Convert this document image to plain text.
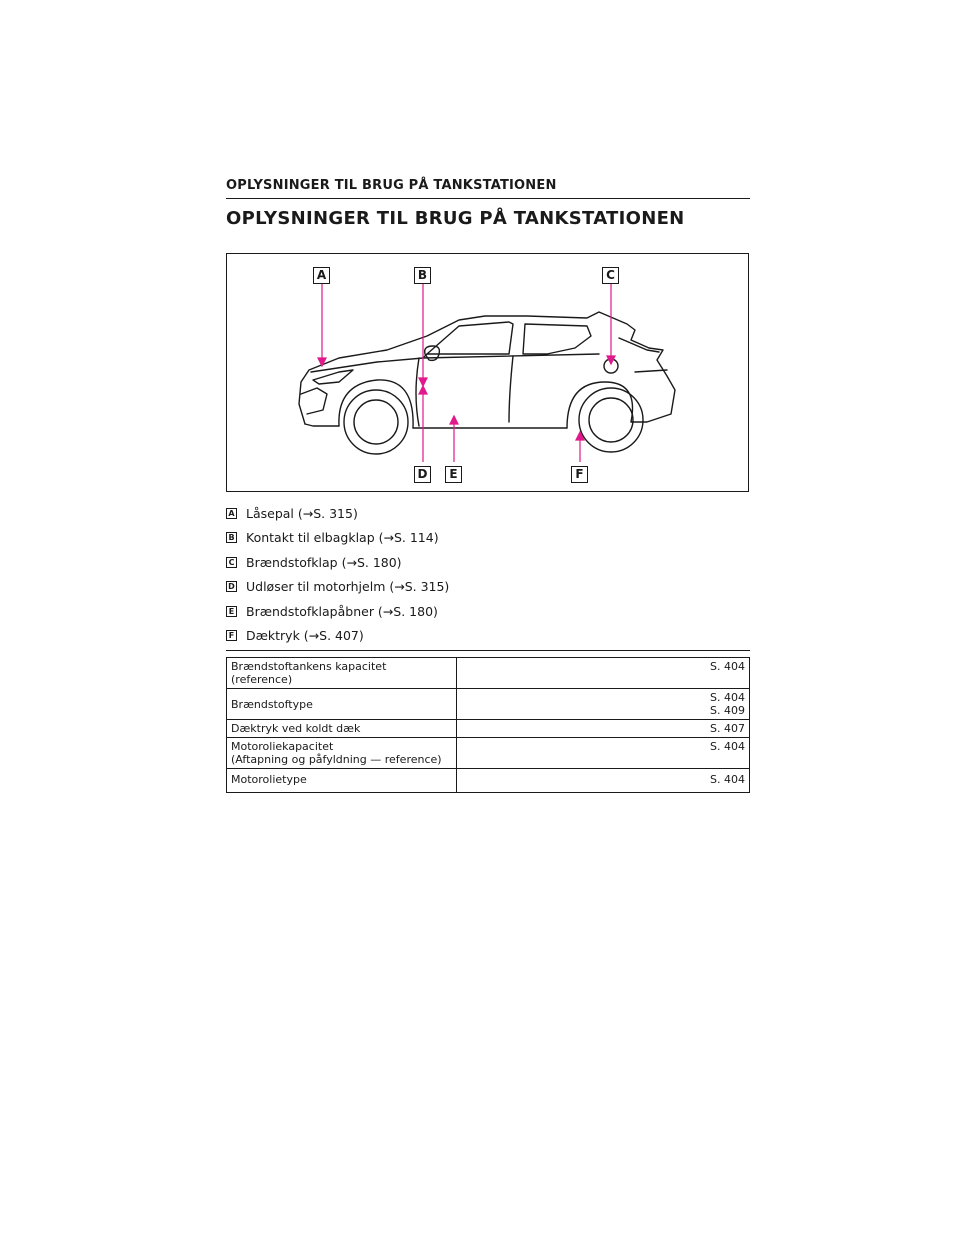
OPLYSNINGER TIL BRUG PÅ TANKSTATIONEN
OPLYSNINGER TIL BRUG PÅ TANKSTATIONEN
A	B	C
D	E	F
A Låsepal (→S. 315)
B Kontakt til elbagklap (→S. 114)
C Brændstofklap (→S. 180)
D Udløser til motorhjelm (→S. 315)
E Brændstofklapåbner (→S. 180)
F Dæktryk (→S. 407)
Brændstoftankens kapacitet
(reference)	S. 404
Brændstoftype	S. 404
S. 409
Dæktryk ved koldt dæk	S. 407
Motoroliekapacitet
(Aftapning og påfyldning — reference)	S. 404
Motorolietype	S. 404
